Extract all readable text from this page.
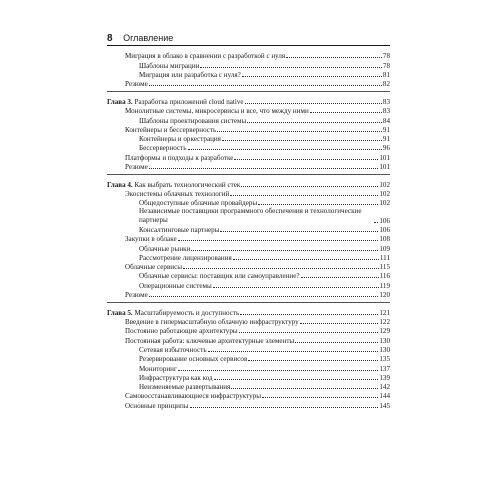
8 Оглавление
Миграция в облако в сравнении с разработкой с нуля	78
Шаблоны миграции	78
Миграция или разработка с нуля?	81
Резюме	82
Глава 3. Разработка приложений cloud native	83
Монолитные системы, микросервисы и все, что между ними	83
Шаблоны проектирования системы	84
Контейнеры и бессерверность	91
Контейнеры и оркестрация	91
Бессерверность	96
Платформы и подходы к разработке	101
Резюме	101
Глава 4. Как выбрать технологический стек	102
Экосистемы облачных технологий	102
Общедоступные облачные провайдеры	102
Независимые поставщики программного обеспечения и технологические партнеры	106
Консалтинговые партнеры	106
Закупки в облаке	108
Облачные рынки	109
Рассмотрение лицензирования	111
Облачные сервисы	115
Облачные сервисы: поставщик или самоуправление?	116
Операционные системы	119
Резюме	120
Глава 5. Масштабируемость и доступность	121
Введение в гипермасштабную облачную инфраструктуру	122
Постоянно работающие архитектуры	129
Постоянная работа: ключевые архитектурные элементы	130
Сетевая избыточность	130
Резервирование основных сервисов	135
Мониторинг	137
Инфраструктура как код	139
Неизменяемые развертывания	142
Самовосстанавливающиеся инфраструктуры	144
Основные принципы	145
